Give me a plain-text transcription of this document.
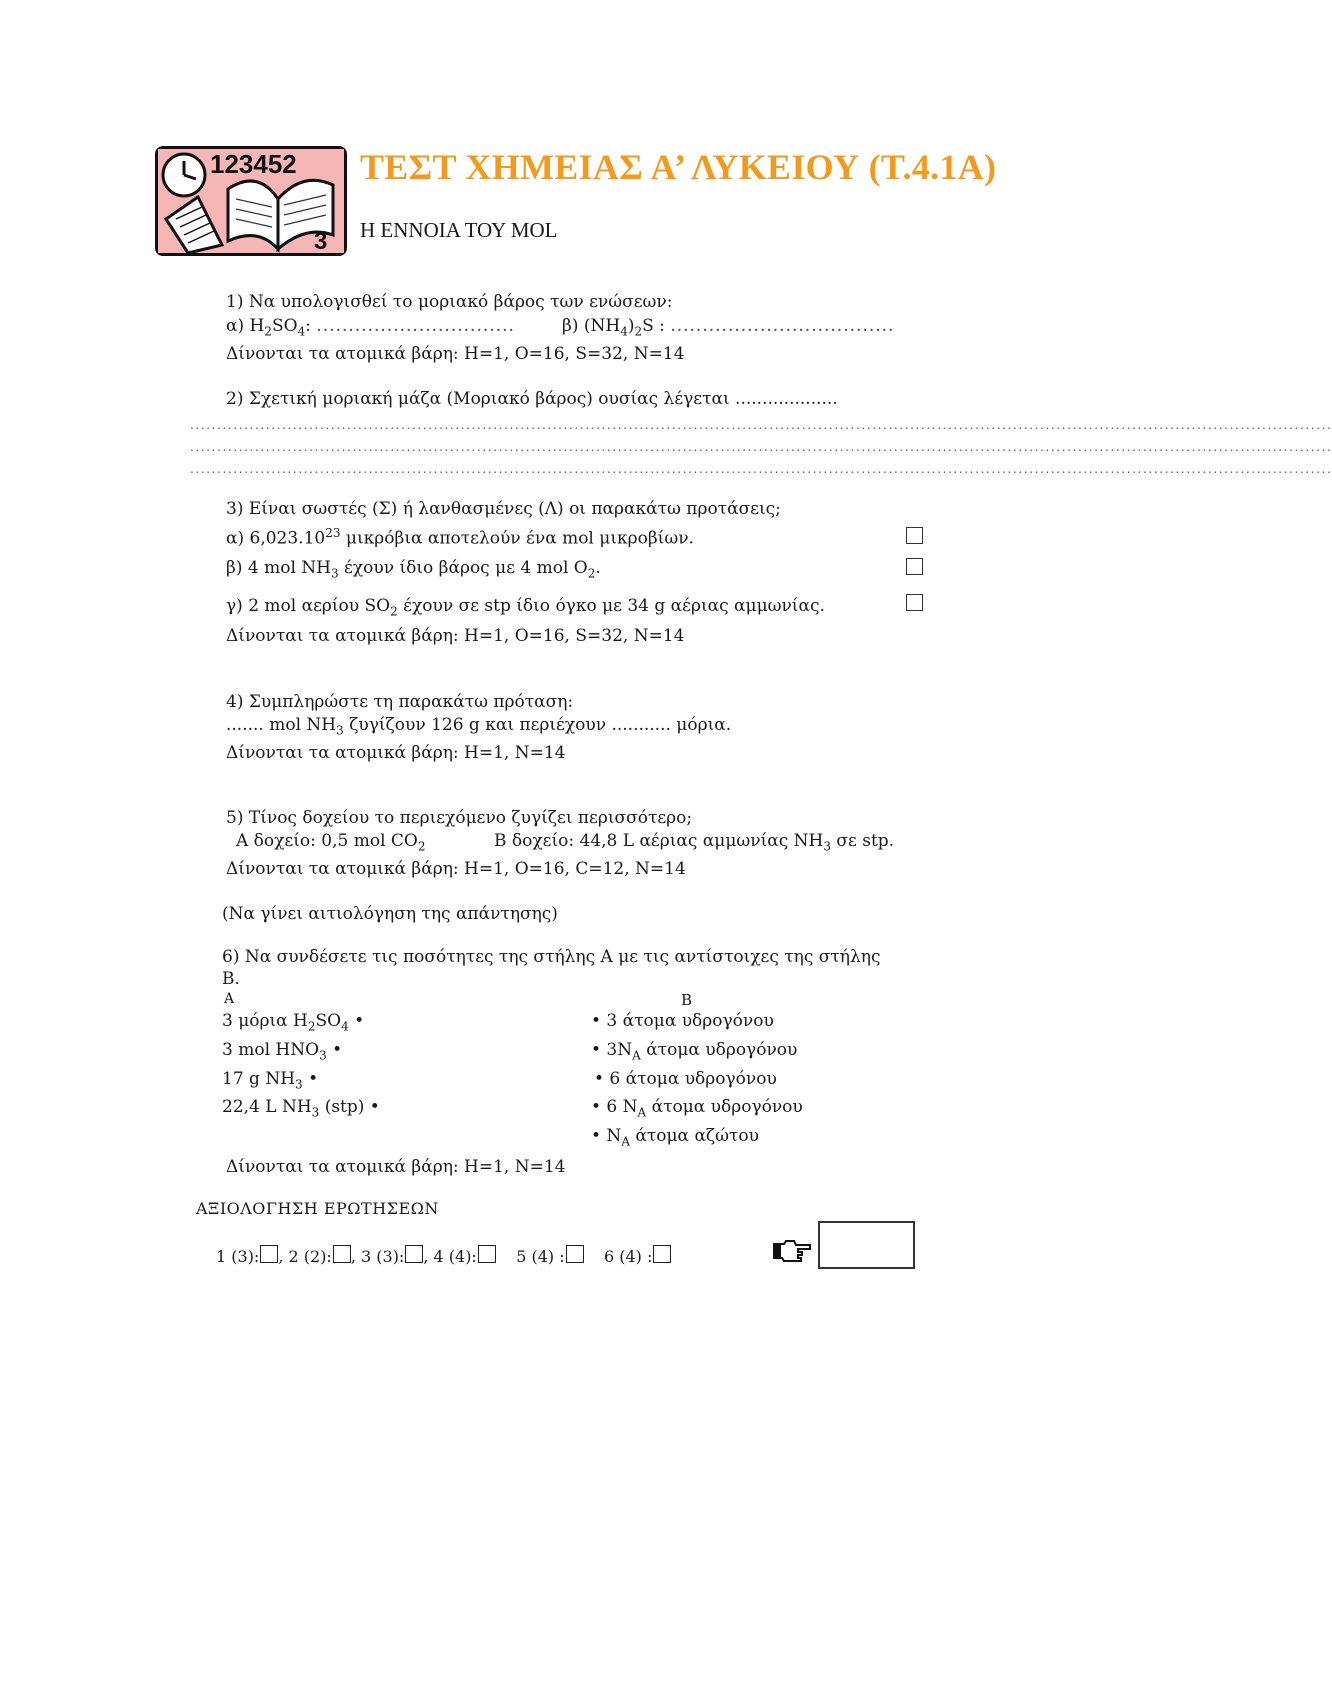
123452
3
ΤΕΣΤ ΧΗΜΕΙΑΣ Α’ ΛΥΚΕΙΟΥ (Τ.4.1Α)
Η ΕΝΝΟΙΑ ΤΟΥ MOL
1) Να υπολογισθεί το μοριακό βάρος των ενώσεων:
α) $H_2SO_4$: ...............................	β) $(NH_4)_2S$ : ...................................
Δίνονται τα ατομικά βάρη: H=1, O=16, S=32, N=14
2) Σχετική μοριακή μάζα (Μοριακό βάρος) ουσίας λέγεται ...................
...................................................................................................................................................................................................................
...................................................................................................................................................................................................................
...................................................................................................................................................................................................................
3) Είναι σωστές (Σ) ή λανθασμένες (Λ) οι παρακάτω προτάσεις;
α) 6,023.10$^{23}$ μικρόβια αποτελούν ένα mol μικροβίων.
β) 4 mol $NH_3$ έχουν ίδιο βάρος με 4 mol $O_2$.
γ) 2 mol αερίου $SO_2$ έχουν σε stp ίδιο όγκο με 34 g αέριας αμμωνίας.
Δίνονται τα ατομικά βάρη: H=1, O=16, S=32, N=14
4) Συμπληρώστε τη παρακάτω πρόταση:
....... mol $NH_3$ ζυγίζουν 126 g και περιέχουν ........... μόρια.
Δίνονται τα ατομικά βάρη: H=1, N=14
5) Τίνος δοχείου το περιεχόμενο ζυγίζει περισσότερο;
Α δοχείο: 0,5 mol $CO_2$	Β δοχείο: 44,8 L αέριας αμμωνίας $NH_3$ σε stp.
Δίνονται τα ατομικά βάρη: H=1, O=16, C=12, N=14
(Να γίνει αιτιολόγηση της απάντησης)
6) Να συνδέσετε τις ποσότητες της στήλης Α με τις αντίστοιχες της στήλης
Β.
Α	Β
3 μόρια $H_2SO_4$ •
3 mol $HNO_3$ •
17 g $NH_3$ •
22,4 L $NH_3$ (stp) •
• 3 άτομα υδρογόνου
• $3N_A$ άτομα υδρογόνου
• 6 άτομα υδρογόνου
• 6 $N_A$ άτομα υδρογόνου
• $N_A$ άτομα αζώτου
Δίνονται τα ατομικά βάρη: H=1, N=14
ΑΞΙΟΛΟΓΗΣΗ ΕΡΩΤΗΣΕΩΝ
1 (3): , 2 (2): , 3 (3): , 4 (4): 5 (4) : 6 (4) :
